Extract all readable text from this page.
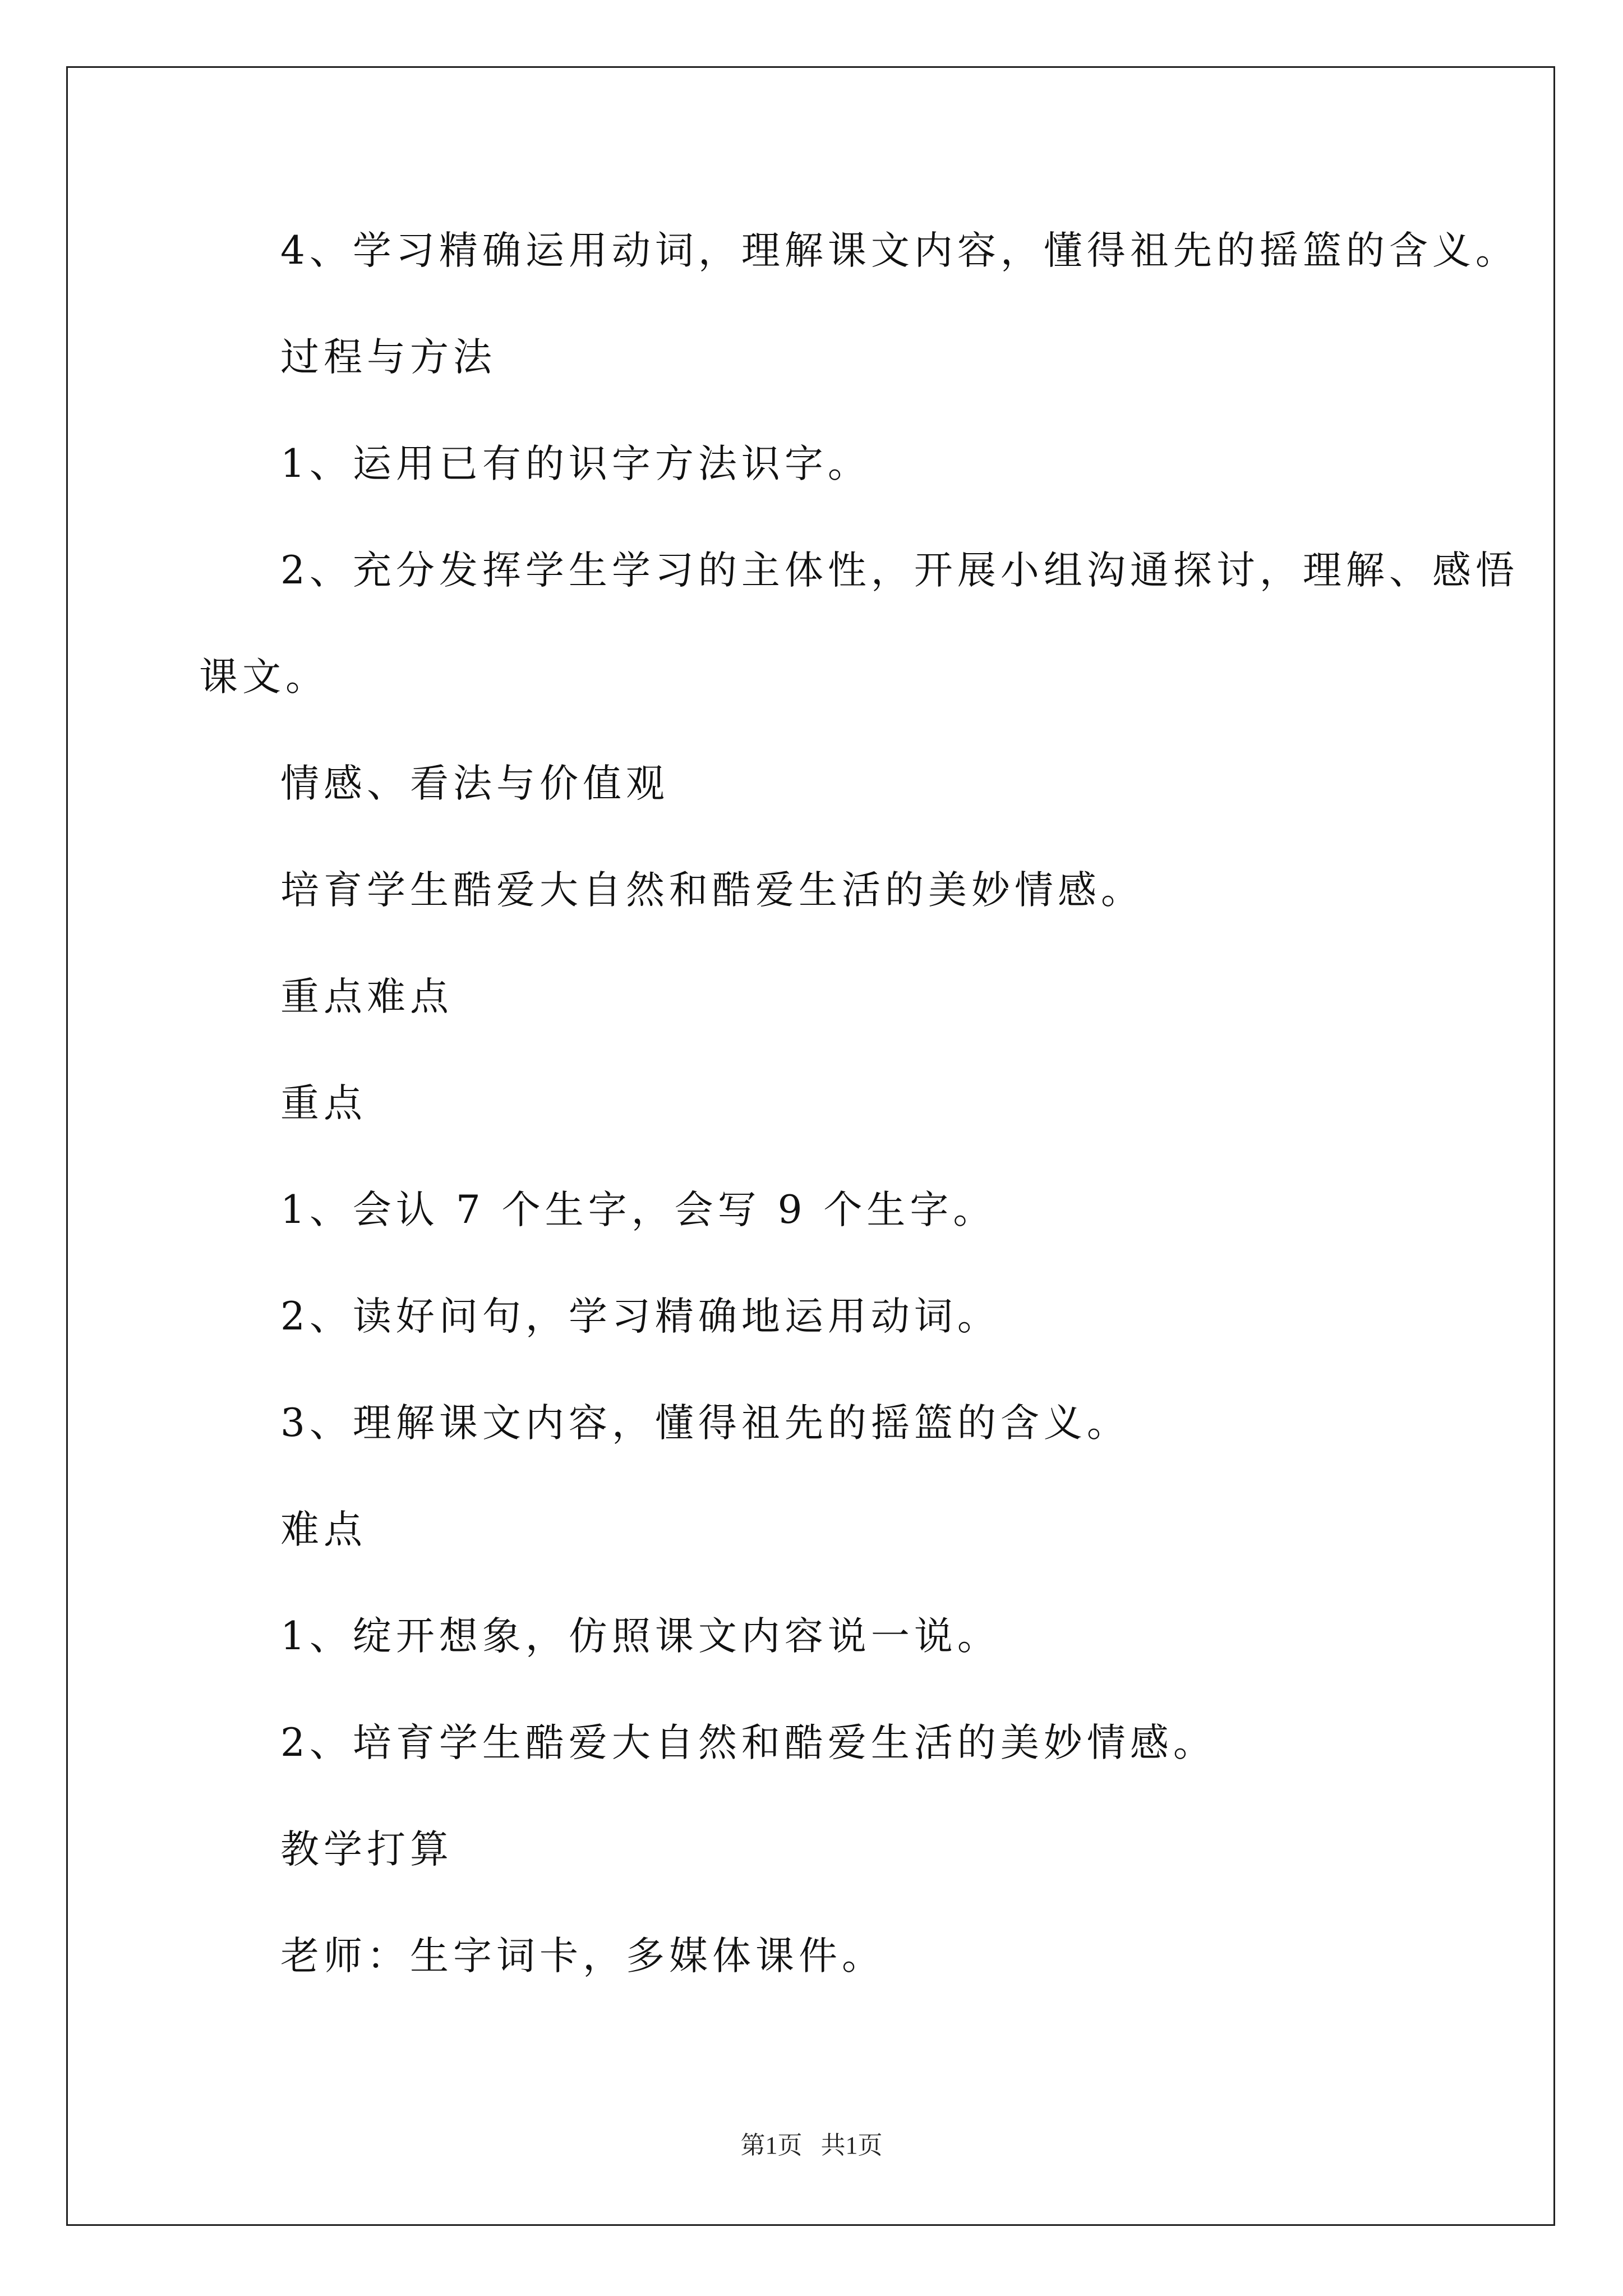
4、学习精确运用动词，理解课文内容，懂得祖先的摇篮的含义。
过程与方法
1、运用已有的识字方法识字。
2、充分发挥学生学习的主体性，开展小组沟通探讨，理解、感悟
课文。
情感、看法与价值观
培育学生酷爱大自然和酷爱生活的美妙情感。
重点难点
重点
1、会认 7 个生字，会写 9 个生字。
2、读好问句，学习精确地运用动词。
3、理解课文内容，懂得祖先的摇篮的含义。
难点
1、绽开想象，仿照课文内容说一说。
2、培育学生酷爱大自然和酷爱生活的美妙情感。
教学打算
老师：生字词卡，多媒体课件。
第1页   共1页
